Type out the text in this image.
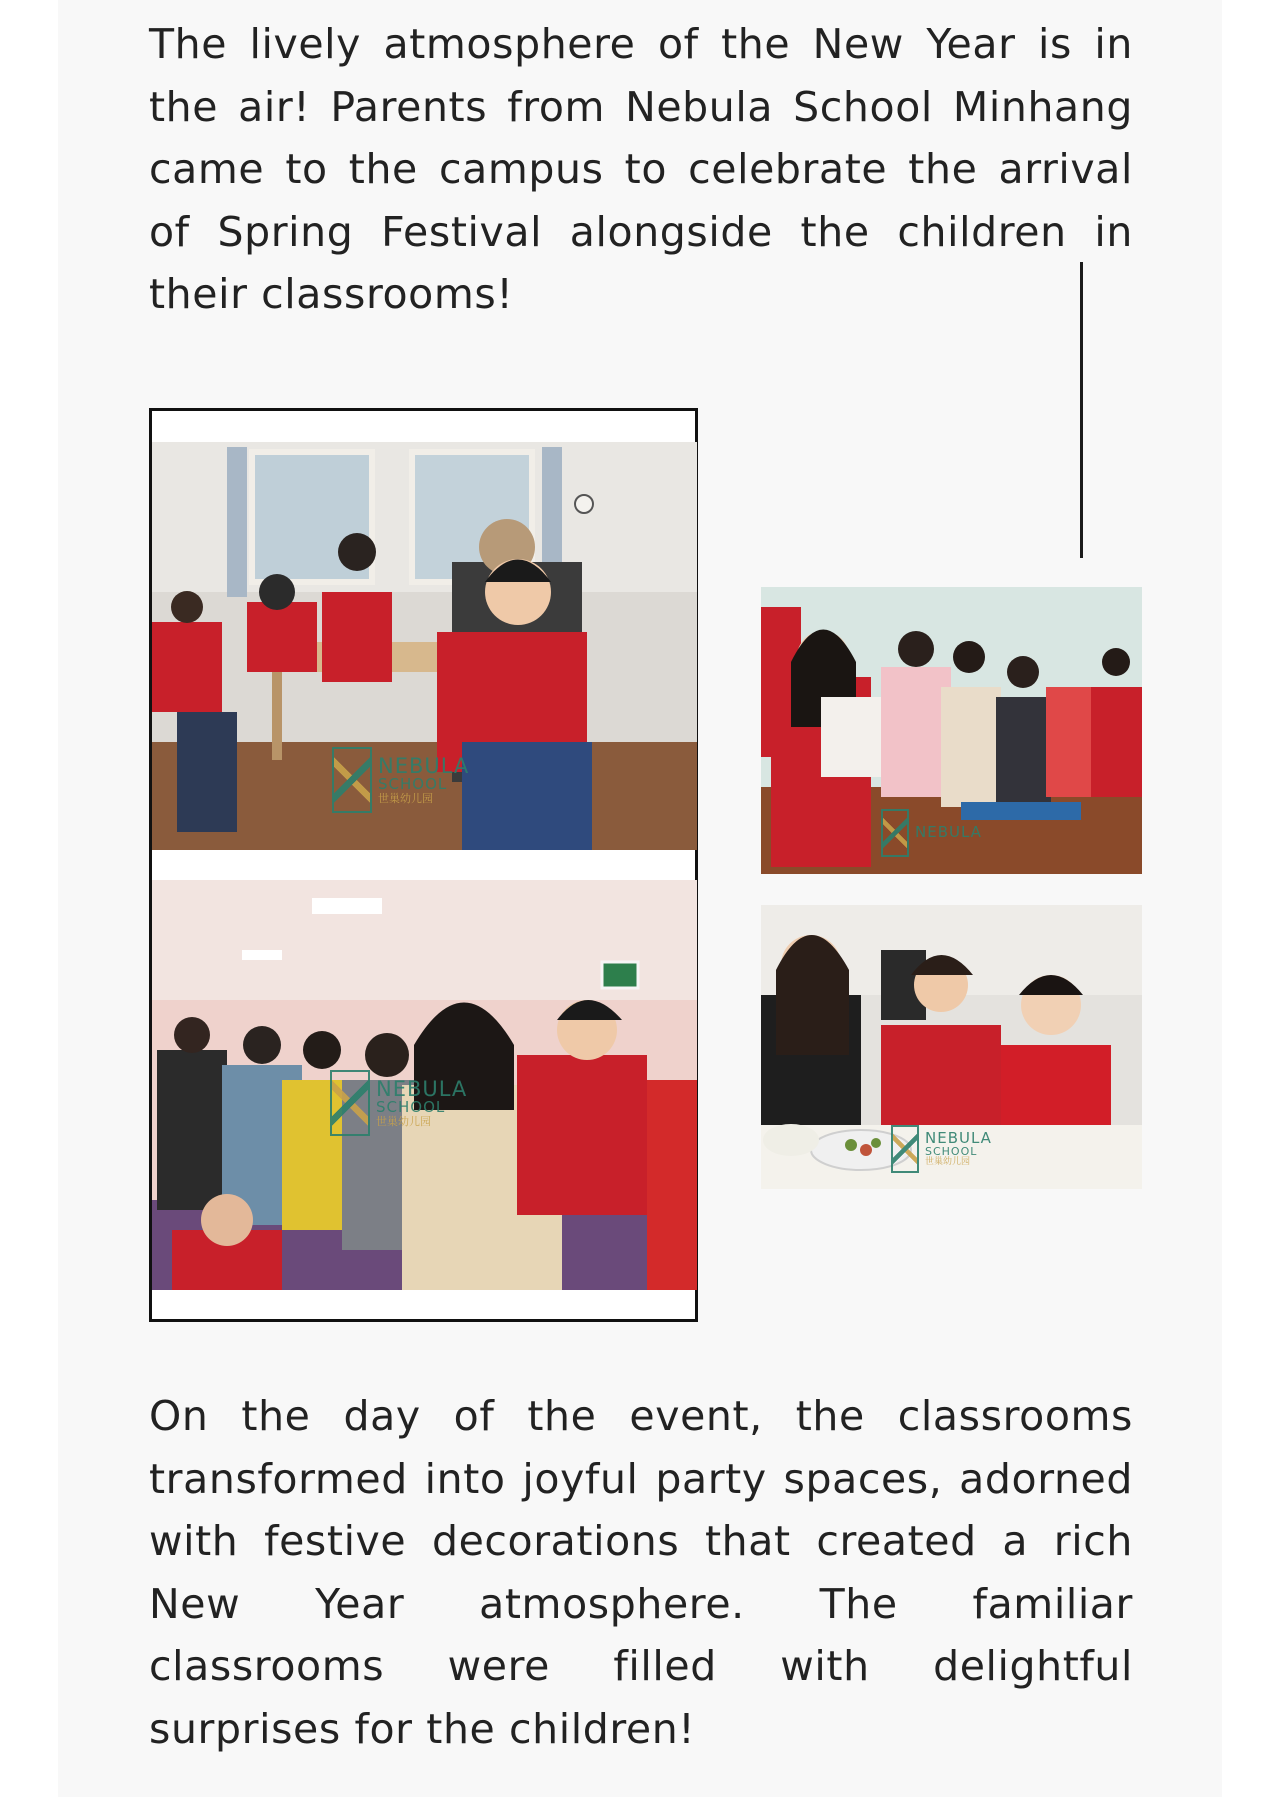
The lively atmosphere of the New Year is in the air! Parents from Nebula School Minhang came to the campus to celebrate the arrival of Spring Festival alongside the children in their classrooms!

NEBULA
SCHOOL
世巢幼儿园
NEBULA
SCHOOL
世巢幼儿园
NEBULA
NEBULA
SCHOOL
世巢幼儿园

On the day of the event, the classrooms transformed into joyful party spaces, adorned with festive decorations that created a rich New Year atmosphere. The familiar classrooms were filled with delightful surprises for the children!
